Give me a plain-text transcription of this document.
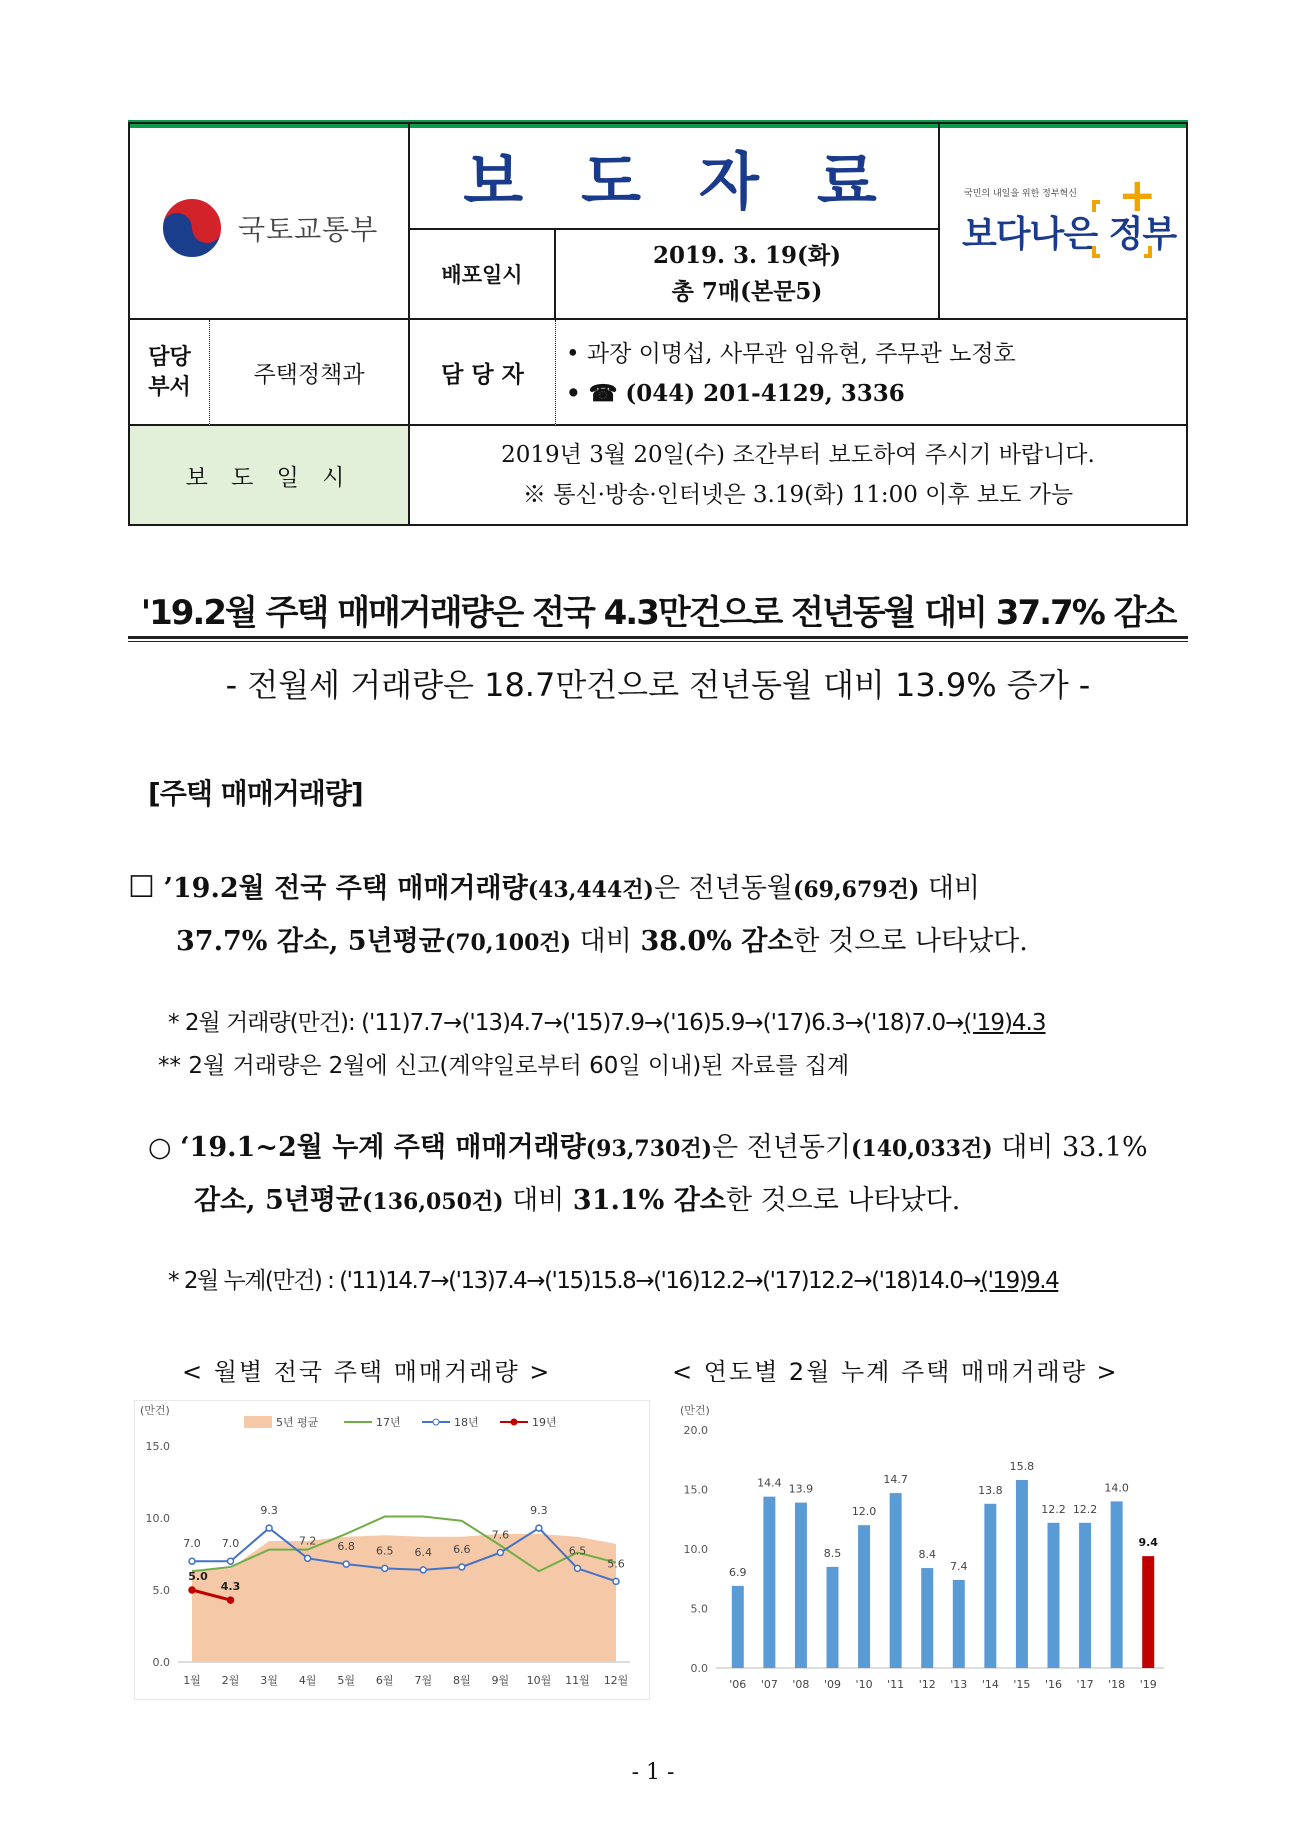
국토교통부
보도자료
배포일시
2019. 3. 19(화)
총 7매(본문5)
국민의 내일을 위한 정부혁신
보다나은 정부
+
담당
부서	주택정책과	담 당 자
• 과장 이명섭, 사무관 임유현, 주무관 노정호
• ☎ (044) 201-4129, 3336
보 도 일 시
2019년 3월 20일(수) 조간부터 보도하여 주시기 바랍니다.
※ 통신·방송·인터넷은 3.19(화) 11:00 이후 보도 가능
'19.2월 주택 매매거래량은 전국 4.3만건으로 전년동월 대비 37.7% 감소
- 전월세 거래량은 18.7만건으로 전년동월 대비 13.9% 증가 -
[주택 매매거래량]
☐ ’19.2월 전국 주택 매매거래량(43,444건)은 전년동월(69,679건) 대비
37.7% 감소, 5년평균(70,100건) 대비 38.0% 감소한 것으로 나타났다.
* 2월 거래량(만건): ('11)7.7→('13)4.7→('15)7.9→('16)5.9→('17)6.3→('18)7.0→('19)4.3
** 2월 거래량은 2월에 신고(계약일로부터 60일 이내)된 자료를 집계
○ ‘19.1~2월 누계 주택 매매거래량(93,730건)은 전년동기(140,033건) 대비 33.1%
감소, 5년평균(136,050건) 대비 31.1% 감소한 것으로 나타났다.
* 2월 누계(만건) : ('11)14.7→('13)7.4→('15)15.8→('16)12.2→('17)12.2→('18)14.0→('19)9.4
< 월별 전국 주택 매매거래량 >	< 연도별 2월 누계 주택 매매거래량 >
(만건)
15.0
10.0
5.0
0.0
7.0 7.0
9.3
7.2 6.8 6.5 6.4 6.6
7.6
9.3
6.5
5.6
5.0
4.3
1월 2월 3월 4월 5월 6월 7월 8월 9월 10월 11월 12월
5년 평균	17년	18년	19년
(만건)
20.0
15.0
10.0
5.0
0.0
6.9
'06
14.4
'07
13.9
'08
8.5
'09
12.0
'10
14.7
'11
8.4
'12
7.4
'13
13.8
'14
15.8
'15
12.2
'16
12.2
'17
14.0
'18
9.4
'19
- 1 -
